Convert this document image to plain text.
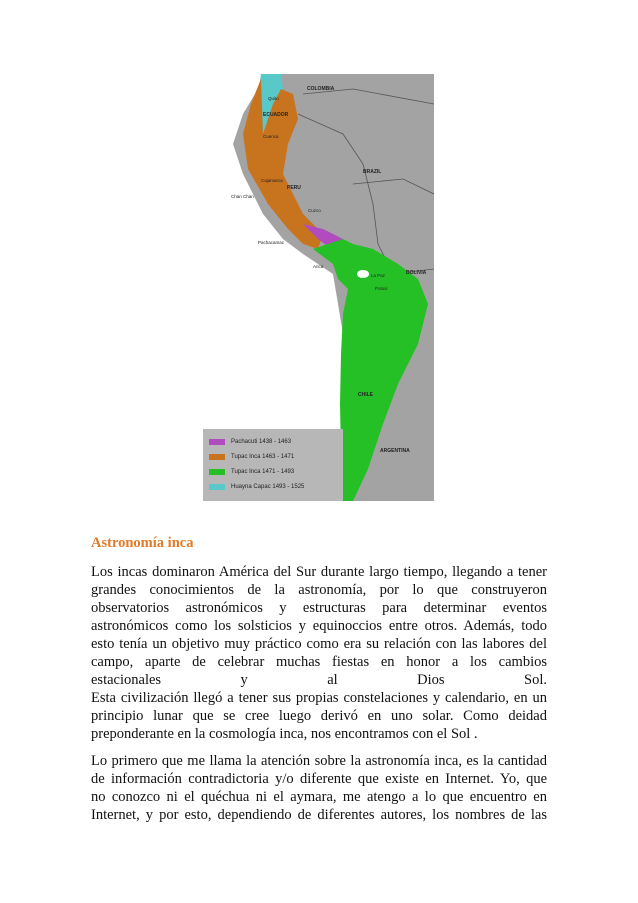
COLOMBIA
ECUADOR
Quito
Cuenca
BRAZIL
Cajamarca
PERU
Chan Chan
Cuzco
Pachacamac
BOLIVIA
La Paz
Arica
Potosi
CHILE
ARGENTINA
Pachacuti 1438 - 1463
Tupac Inca 1463 - 1471
Tupac Inca 1471 - 1493
Huayna Capac 1493 - 1525
Astronomía inca
Los incas dominaron América del Sur durante largo tiempo, llegando a tener
grandes conocimientos de la astronomía, por lo que construyeron
observatorios astronómicos y estructuras para determinar eventos
astronómicos como los solsticios y equinoccios entre otros. Además, todo
esto tenía un objetivo muy práctico como era su relación con las labores del
campo, aparte de celebrar muchas fiestas en honor a los cambios
estacionales y al Dios Sol.
Esta civilización llegó a tener sus propias constelaciones y calendario, en un
principio lunar que se cree luego derivó en uno solar. Como deidad
preponderante en la cosmología inca, nos encontramos con el Sol .
Lo primero que me llama la atención sobre la astronomía inca, es la cantidad
de información contradictoria y/o diferente que existe en Internet. Yo, que
no conozco ni el quéchua ni el aymara, me atengo a lo que encuentro en
Internet, y por esto, dependiendo de diferentes autores, los nombres de las
